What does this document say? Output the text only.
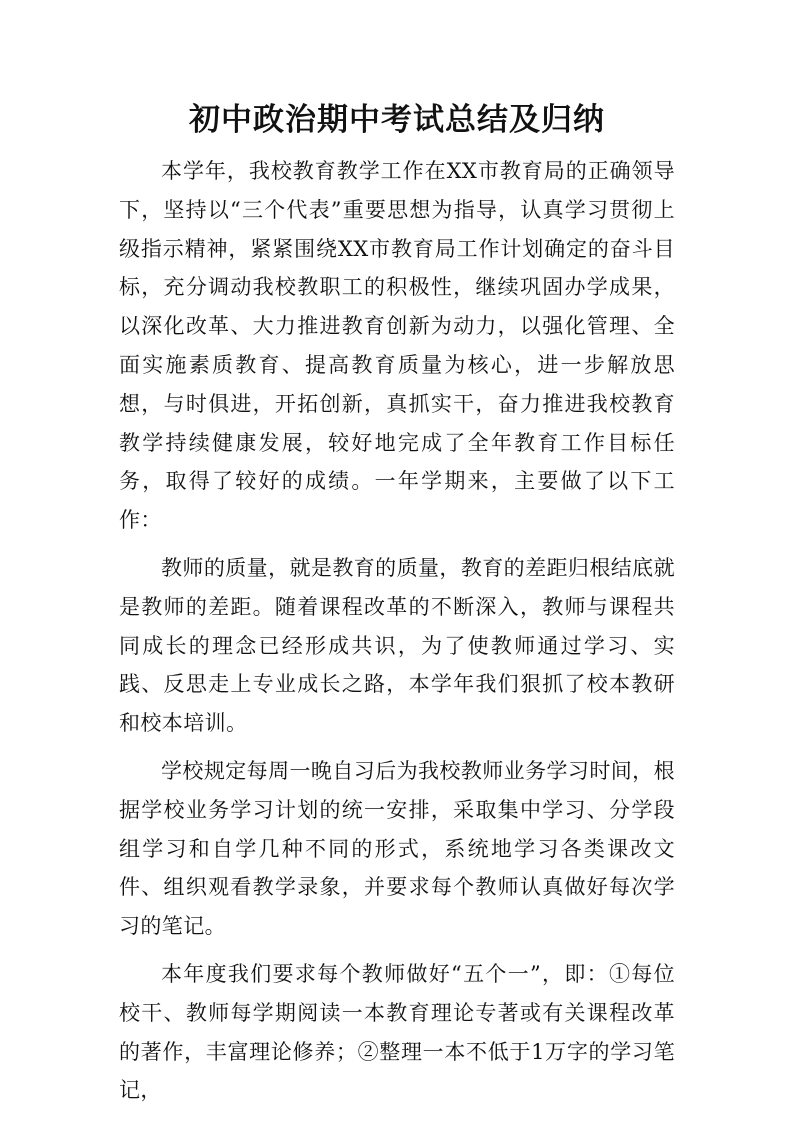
初中政治期中考试总结及归纳

本学年，我校教育教学工作在XX市教育局的正确领导下，坚持以“三个代表”重要思想为指导，认真学习贯彻上级指示精神，紧紧围绕XX市教育局工作计划确定的奋斗目标，充分调动我校教职工的积极性，继续巩固办学成果，以深化改革、大力推进教育创新为动力，以强化管理、全面实施素质教育、提高教育质量为核心，进一步解放思想，与时俱进，开拓创新，真抓实干，奋力推进我校教育教学持续健康发展，较好地完成了全年教育工作目标任务，取得了较好的成绩。一年学期来，主要做了以下工作：

教师的质量，就是教育的质量，教育的差距归根结底就是教师的差距。随着课程改革的不断深入，教师与课程共同成长的理念已经形成共识，为了使教师通过学习、实践、反思走上专业成长之路，本学年我们狠抓了校本教研和校本培训。

学校规定每周一晚自习后为我校教师业务学习时间，根据学校业务学习计划的统一安排，采取集中学习、分学段组学习和自学几种不同的形式，系统地学习各类课改文件、组织观看教学录象，并要求每个教师认真做好每次学习的笔记。

本年度我们要求每个教师做好“五个一”，即：①每位校干、教师每学期阅读一本教育理论专著或有关课程改革的著作，丰富理论修养；②整理一本不低于1万字的学习笔记，
